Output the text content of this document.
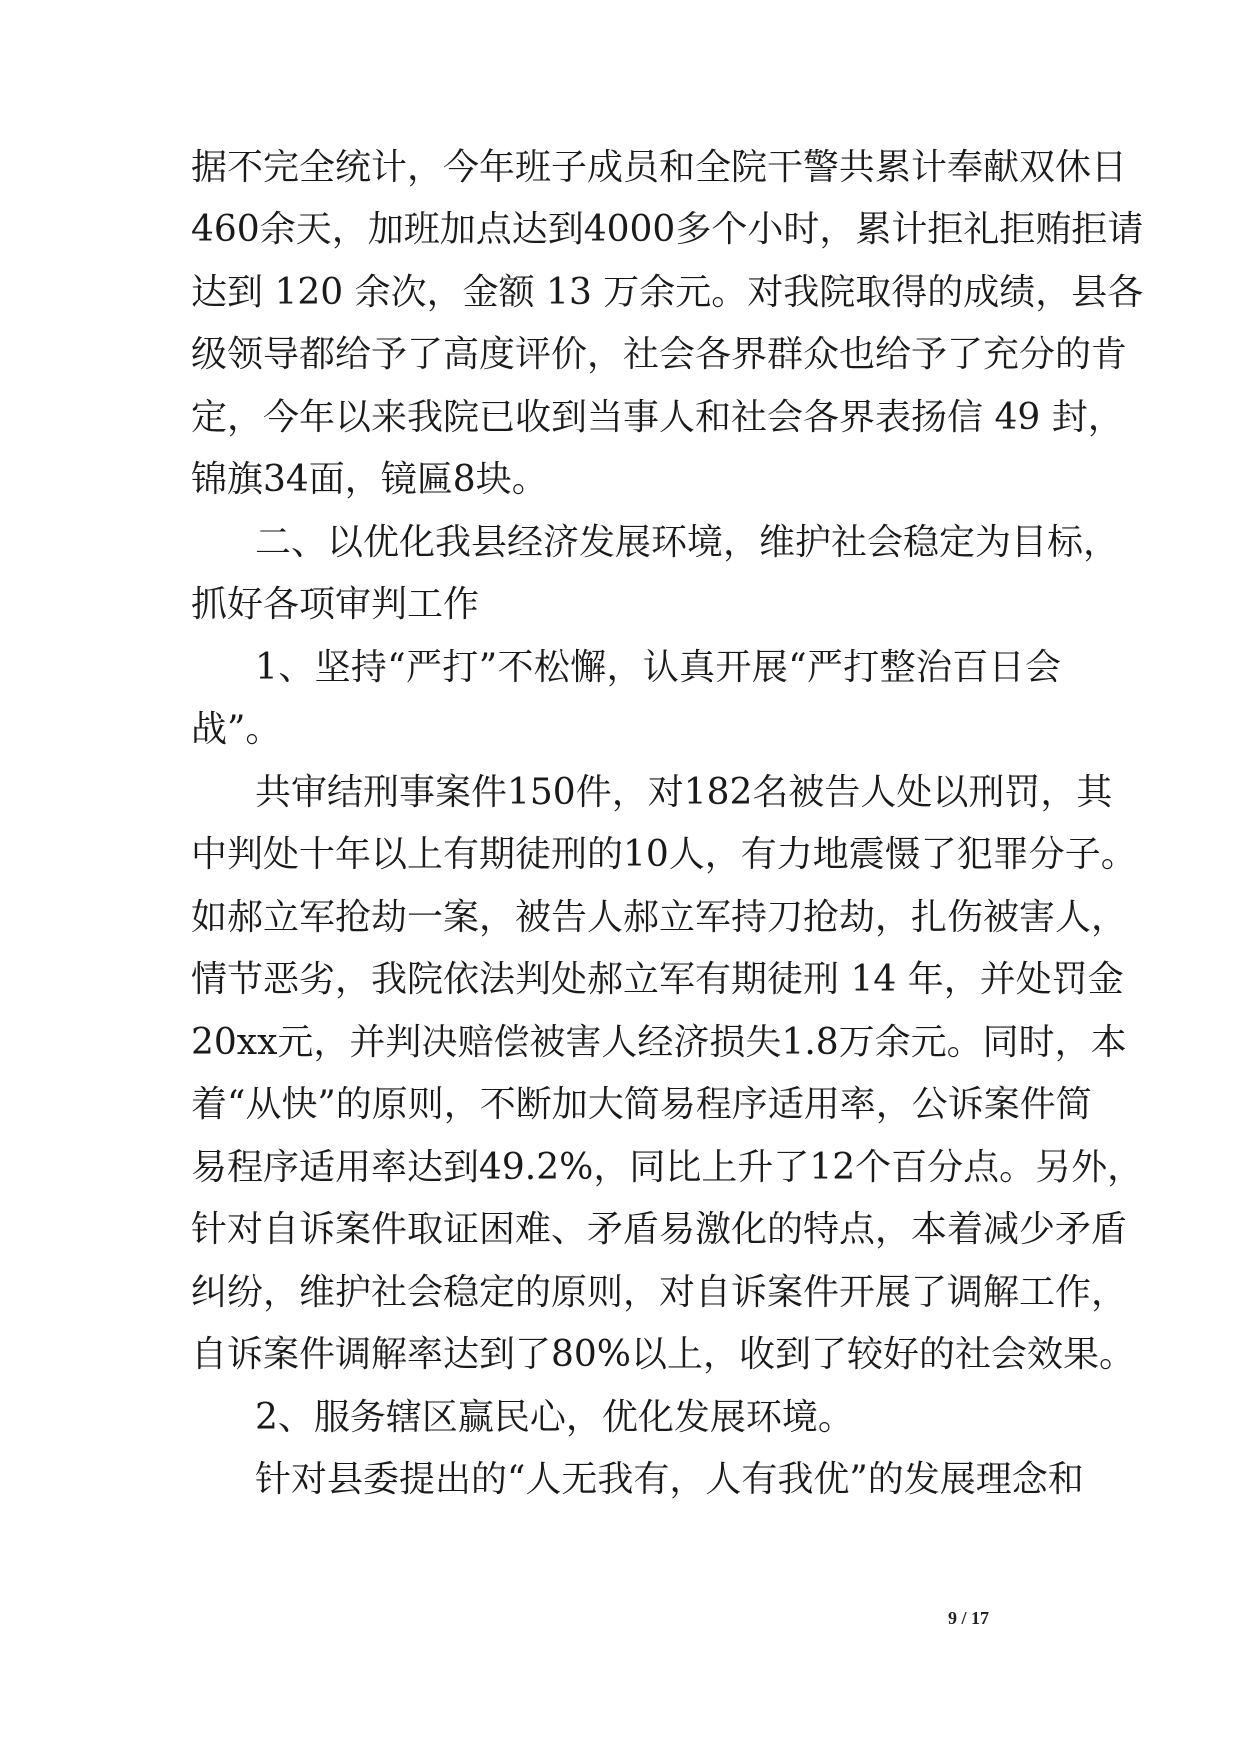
据不完全统计，今年班子成员和全院干警共累计奉献双休日
460余天，加班加点达到4000多个小时，累计拒礼拒贿拒请
达到 120 余次，金额 13 万余元。对我院取得的成绩，县各
级领导都给予了高度评价，社会各界群众也给予了充分的肯
定，今年以来我院已收到当事人和社会各界表扬信 49 封，
锦旗34面，镜匾8块。
二、以优化我县经济发展环境，维护社会稳定为目标，
抓好各项审判工作
1、坚持“严打”不松懈，认真开展“严打整治百日会
战”。
共审结刑事案件150件，对182名被告人处以刑罚，其
中判处十年以上有期徒刑的10人，有力地震慑了犯罪分子。
如郝立军抢劫一案，被告人郝立军持刀抢劫，扎伤被害人，
情节恶劣，我院依法判处郝立军有期徒刑 14 年，并处罚金
20xx元，并判决赔偿被害人经济损失1.8万余元。同时，本
着“从快”的原则，不断加大简易程序适用率，公诉案件简
易程序适用率达到49.2%，同比上升了12个百分点。另外，
针对自诉案件取证困难、矛盾易激化的特点，本着减少矛盾
纠纷，维护社会稳定的原则，对自诉案件开展了调解工作，
自诉案件调解率达到了80%以上，收到了较好的社会效果。
2、服务辖区赢民心，优化发展环境。
针对县委提出的“人无我有，人有我优”的发展理念和
9 / 17
